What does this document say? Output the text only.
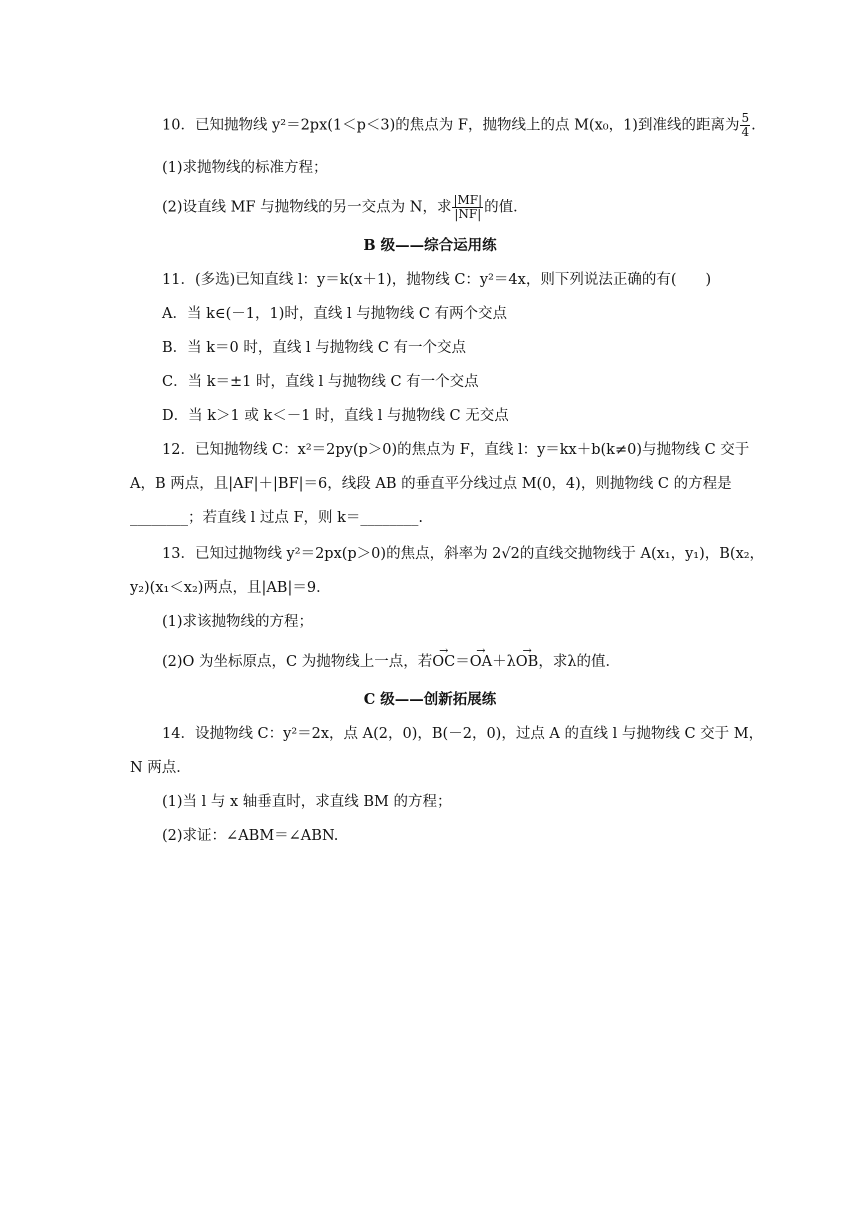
10．已知抛物线 y²＝2px(1＜p＜3)的焦点为 F，抛物线上的点 M(x₀，1)到准线的距离为 $\frac{5}{4}$ .
(1)求抛物线的标准方程；
(2)设直线 MF 与抛物线的另一交点为 N，求 $\frac{|MF|}{|NF|}$ 的值．
B 级——综合运用练
11．(多选)已知直线 l：y＝k(x＋1)，抛物线 C：y²＝4x，则下列说法正确的有(　　)
A．当 k∈(－1，1)时，直线 l 与抛物线 C 有两个交点
B．当 k＝0 时，直线 l 与抛物线 C 有一个交点
C．当 k＝±1 时，直线 l 与抛物线 C 有一个交点
D．当 k＞1 或 k＜－1 时，直线 l 与抛物线 C 无交点
12．已知抛物线 C：x²＝2py(p＞0)的焦点为 F，直线 l：y＝kx＋b(k≠0)与抛物线 C 交于
A，B 两点，且|AF|＋|BF|＝6，线段 AB 的垂直平分线过点 M(0，4)，则抛物线 C 的方程是
________；若直线 l 过点 F，则 k＝________.
13．已知过抛物线 y²＝2px(p＞0)的焦点，斜率为 2√2的直线交抛物线于 A(x₁，y₁)，B(x₂，
y₂)(x₁＜x₂)两点，且|AB|＝9．
(1)求该抛物线的方程；
(2)O 为坐标原点，C 为抛物线上一点，若→ OC＝→ OA＋λ→ OB，求λ的值．
C 级——创新拓展练
14．设抛物线 C：y²＝2x，点 A(2，0)，B(－2，0)，过点 A 的直线 l 与抛物线 C 交于 M，
N 两点．
(1)当 l 与 x 轴垂直时，求直线 BM 的方程；
(2)求证：∠ABM＝∠ABN.
